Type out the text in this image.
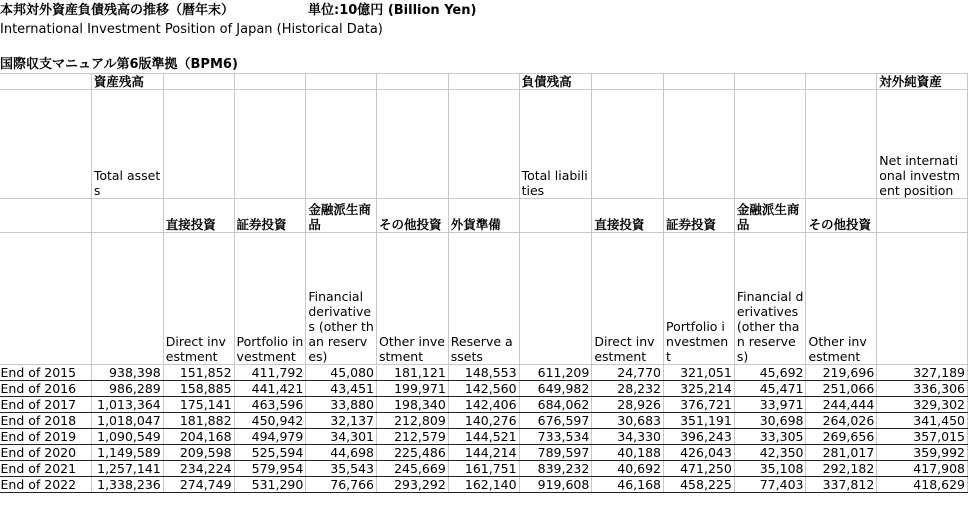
本邦対外資産負債残高の推移（暦年末）	単位:10億円 (Billion Yen)
International Investment Position of Japan (Historical Data)
国際収支マニュアル第6版準拠（BPM6)
	資産残高						負債残高					対外純資産
	Total assets						Total liabilities					Net international investment position
		直接投資	証券投資	金融派生商品	その他投資	外貨準備		直接投資	証券投資	金融派生商品	その他投資	
		Direct investment	Portfolio investment	Financial derivatives (other than reserves)	Other investment	Reserve assets		Direct investment	Portfolio investment	Financial derivatives (other than reserves)	Other investment	
End of 2015	938,398	151,852	411,792	45,080	181,121	148,553	611,209	24,770	321,051	45,692	219,696	327,189
End of 2016	986,289	158,885	441,421	43,451	199,971	142,560	649,982	28,232	325,214	45,471	251,066	336,306
End of 2017	1,013,364	175,141	463,596	33,880	198,340	142,406	684,062	28,926	376,721	33,971	244,444	329,302
End of 2018	1,018,047	181,882	450,942	32,137	212,809	140,276	676,597	30,683	351,191	30,698	264,026	341,450
End of 2019	1,090,549	204,168	494,979	34,301	212,579	144,521	733,534	34,330	396,243	33,305	269,656	357,015
End of 2020	1,149,589	209,598	525,594	44,698	225,486	144,214	789,597	40,188	426,043	42,350	281,017	359,992
End of 2021	1,257,141	234,224	579,954	35,543	245,669	161,751	839,232	40,692	471,250	35,108	292,182	417,908
End of 2022	1,338,236	274,749	531,290	76,766	293,292	162,140	919,608	46,168	458,225	77,403	337,812	418,629
